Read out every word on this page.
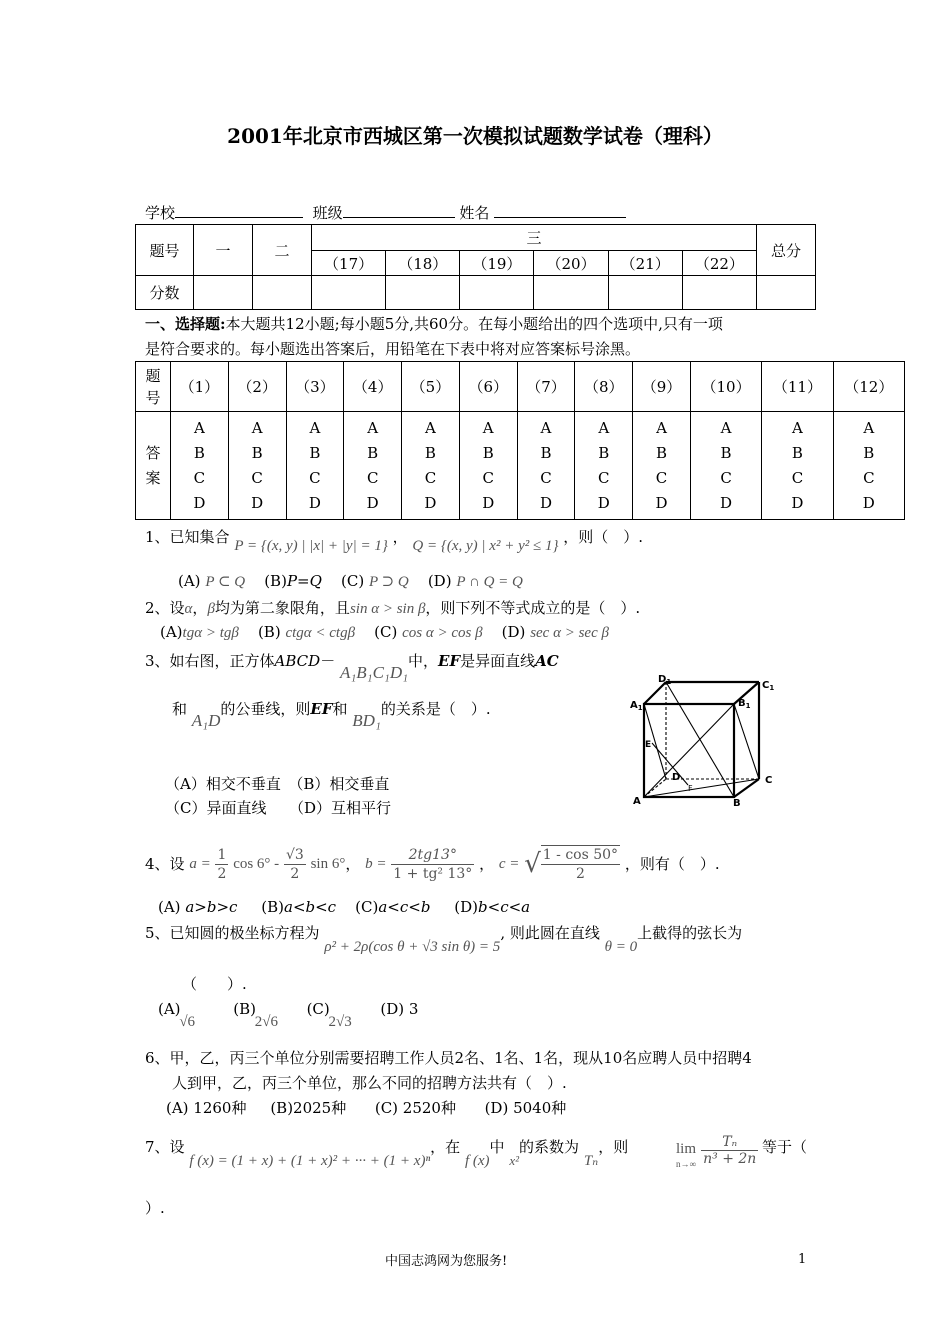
2001年北京市西城区第一次模拟试题数学试卷（理科）
学校	班级	姓名
题号	一	二	三						总分
			（17）	（18）	（19）	（20）	（21）	（22）	
分数									
一、选择题:本大题共12小题;每小题5分,共60分。在每小题给出的四个选项中,只有一项
是符合要求的。每小题选出答案后，用铅笔在下表中将对应答案标号涂黑。
题
号	（1）	（2）	（3）	（4）	（5）	（6）	（7）	（8）	（9）	（10）	（11）	（12）
答
案	A
B
C
D	A
B
C
D	A
B
C
D	A
B
C
D	A
B
C
D	A
B
C
D	A
B
C
D	A
B
C
D	A
B
C
D	A
B
C
D	A
B
C
D	A
B
C
D
1、已知集合 P = {(x, y) | |x| + |y| = 1} ， Q = {(x, y) | x² + y² ≤ 1} ，则（　）.
(A) P ⊂ Q (B)P=Q (C) P ⊃ Q (D) P ∩ Q = Q
2、设α，β均为第二象限角，且sin α > sin β，则下列不等式成立的是（　）.
(A)tgα > tgβ (B) ctgα < ctgβ (C) cos α > cos β (D) sec α > sec β
3、如右图，正方体ABCD－ A₁B₁C₁D₁中，EF是异面直线AC
和 A₁D的公垂线，则EF和 BD₁的关系是（　）.
（A）相交不垂直　（B）相交垂直
（C）异面直线　　（D）互相平行
$D_1$	$C_1$
$A_1$	$B_1$
E
D
F
C
A	B
4、设 $a = \frac{1}{2}$ $\cos 6^\circ - \frac{√3}{2}$ sin 6°， $b = \frac{2tg13^\circ}{\text{1 + tg² 13°}}$ ， c = √ $\frac{1 - \cos 50^\circ}{2}$ ，则有（　）.
(A) a>b>c (B)a<b<c (C)a<c<b (D)b<c<a
5、已知圆的极坐标方程为 ρ² + 2ρ(cos θ + √3 sin θ) = 5, 则此圆在直线 θ = 0上截得的弦长为
（　　）.
(A) √6        (B) 2√6      (C) 2√3      (D) 3
6、甲，乙，丙三个单位分别需要招聘工作人员2名、1名、1名，现从10名应聘人员中招聘4
人到甲，乙，丙三个单位，那么不同的招聘方法共有（　）.
(A) 1260种 (B)2025种 (C) 2520种 (D) 5040种
7、设 f (x) = (1 + x) + (1 + x)² + ··· + (1 + x)ⁿ，在 f (x)中 x²的系数为 Tₙ，则	lim
$n\to\infty \frac{\text{Tₙ}}{\text{n³ + 2n}}$ 等于（
）.
中国志鸿网为您服务!	1
